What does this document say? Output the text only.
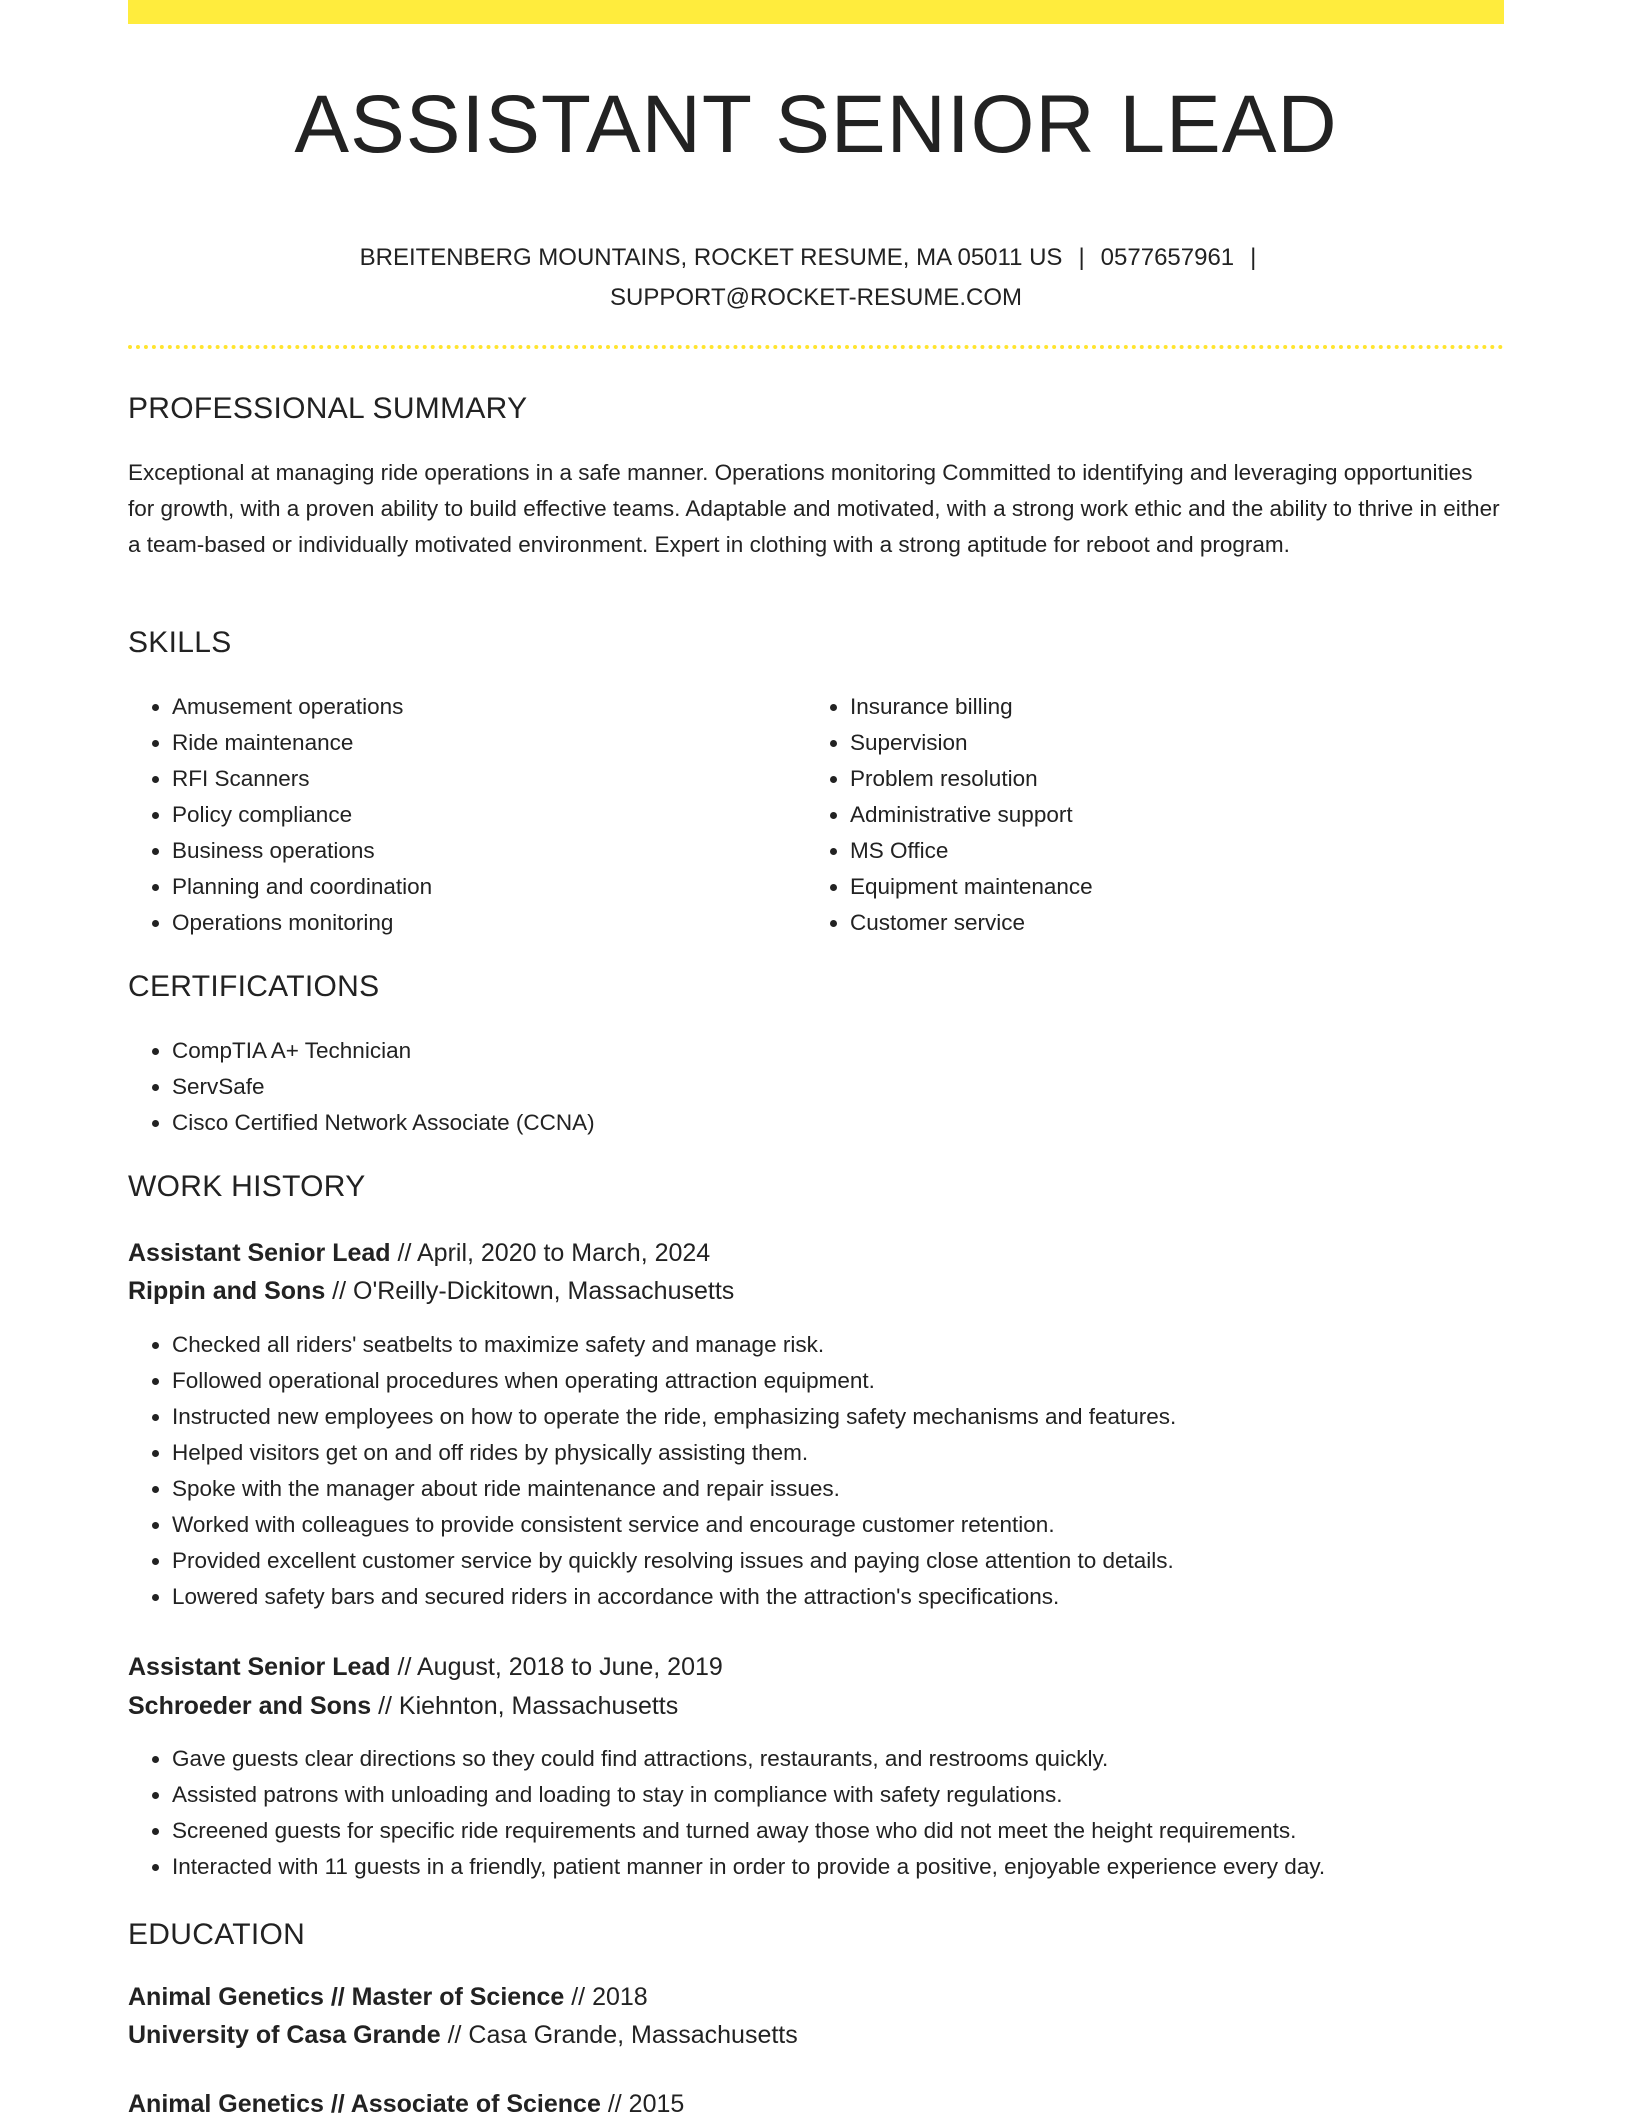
ASSISTANT SENIOR LEAD
BREITENBERG MOUNTAINS, ROCKET RESUME, MA 05011 US | 0577657961 |
SUPPORT@ROCKET-RESUME.COM
PROFESSIONAL SUMMARY
Exceptional at managing ride operations in a safe manner. Operations monitoring Committed to identifying and leveraging opportunities for growth, with a proven ability to build effective teams. Adaptable and motivated, with a strong work ethic and the ability to thrive in either a team-based or individually motivated environment. Expert in clothing with a strong aptitude for reboot and program.
SKILLS
• Amusement operations
• Ride maintenance
• RFI Scanners
• Policy compliance
• Business operations
• Planning and coordination
• Operations monitoring
• Insurance billing
• Supervision
• Problem resolution
• Administrative support
• MS Office
• Equipment maintenance
• Customer service
CERTIFICATIONS
• CompTIA A+ Technician
• ServSafe
• Cisco Certified Network Associate (CCNA)
WORK HISTORY
Assistant Senior Lead // April, 2020 to March, 2024
Rippin and Sons // O'Reilly-Dickitown, Massachusetts
• Checked all riders' seatbelts to maximize safety and manage risk.
• Followed operational procedures when operating attraction equipment.
• Instructed new employees on how to operate the ride, emphasizing safety mechanisms and features.
• Helped visitors get on and off rides by physically assisting them.
• Spoke with the manager about ride maintenance and repair issues.
• Worked with colleagues to provide consistent service and encourage customer retention.
• Provided excellent customer service by quickly resolving issues and paying close attention to details.
• Lowered safety bars and secured riders in accordance with the attraction's specifications.
Assistant Senior Lead // August, 2018 to June, 2019
Schroeder and Sons // Kiehnton, Massachusetts
• Gave guests clear directions so they could find attractions, restaurants, and restrooms quickly.
• Assisted patrons with unloading and loading to stay in compliance with safety regulations.
• Screened guests for specific ride requirements and turned away those who did not meet the height requirements.
• Interacted with 11 guests in a friendly, patient manner in order to provide a positive, enjoyable experience every day.
EDUCATION
Animal Genetics // Master of Science // 2018
University of Casa Grande // Casa Grande, Massachusetts
Animal Genetics // Associate of Science // 2015
